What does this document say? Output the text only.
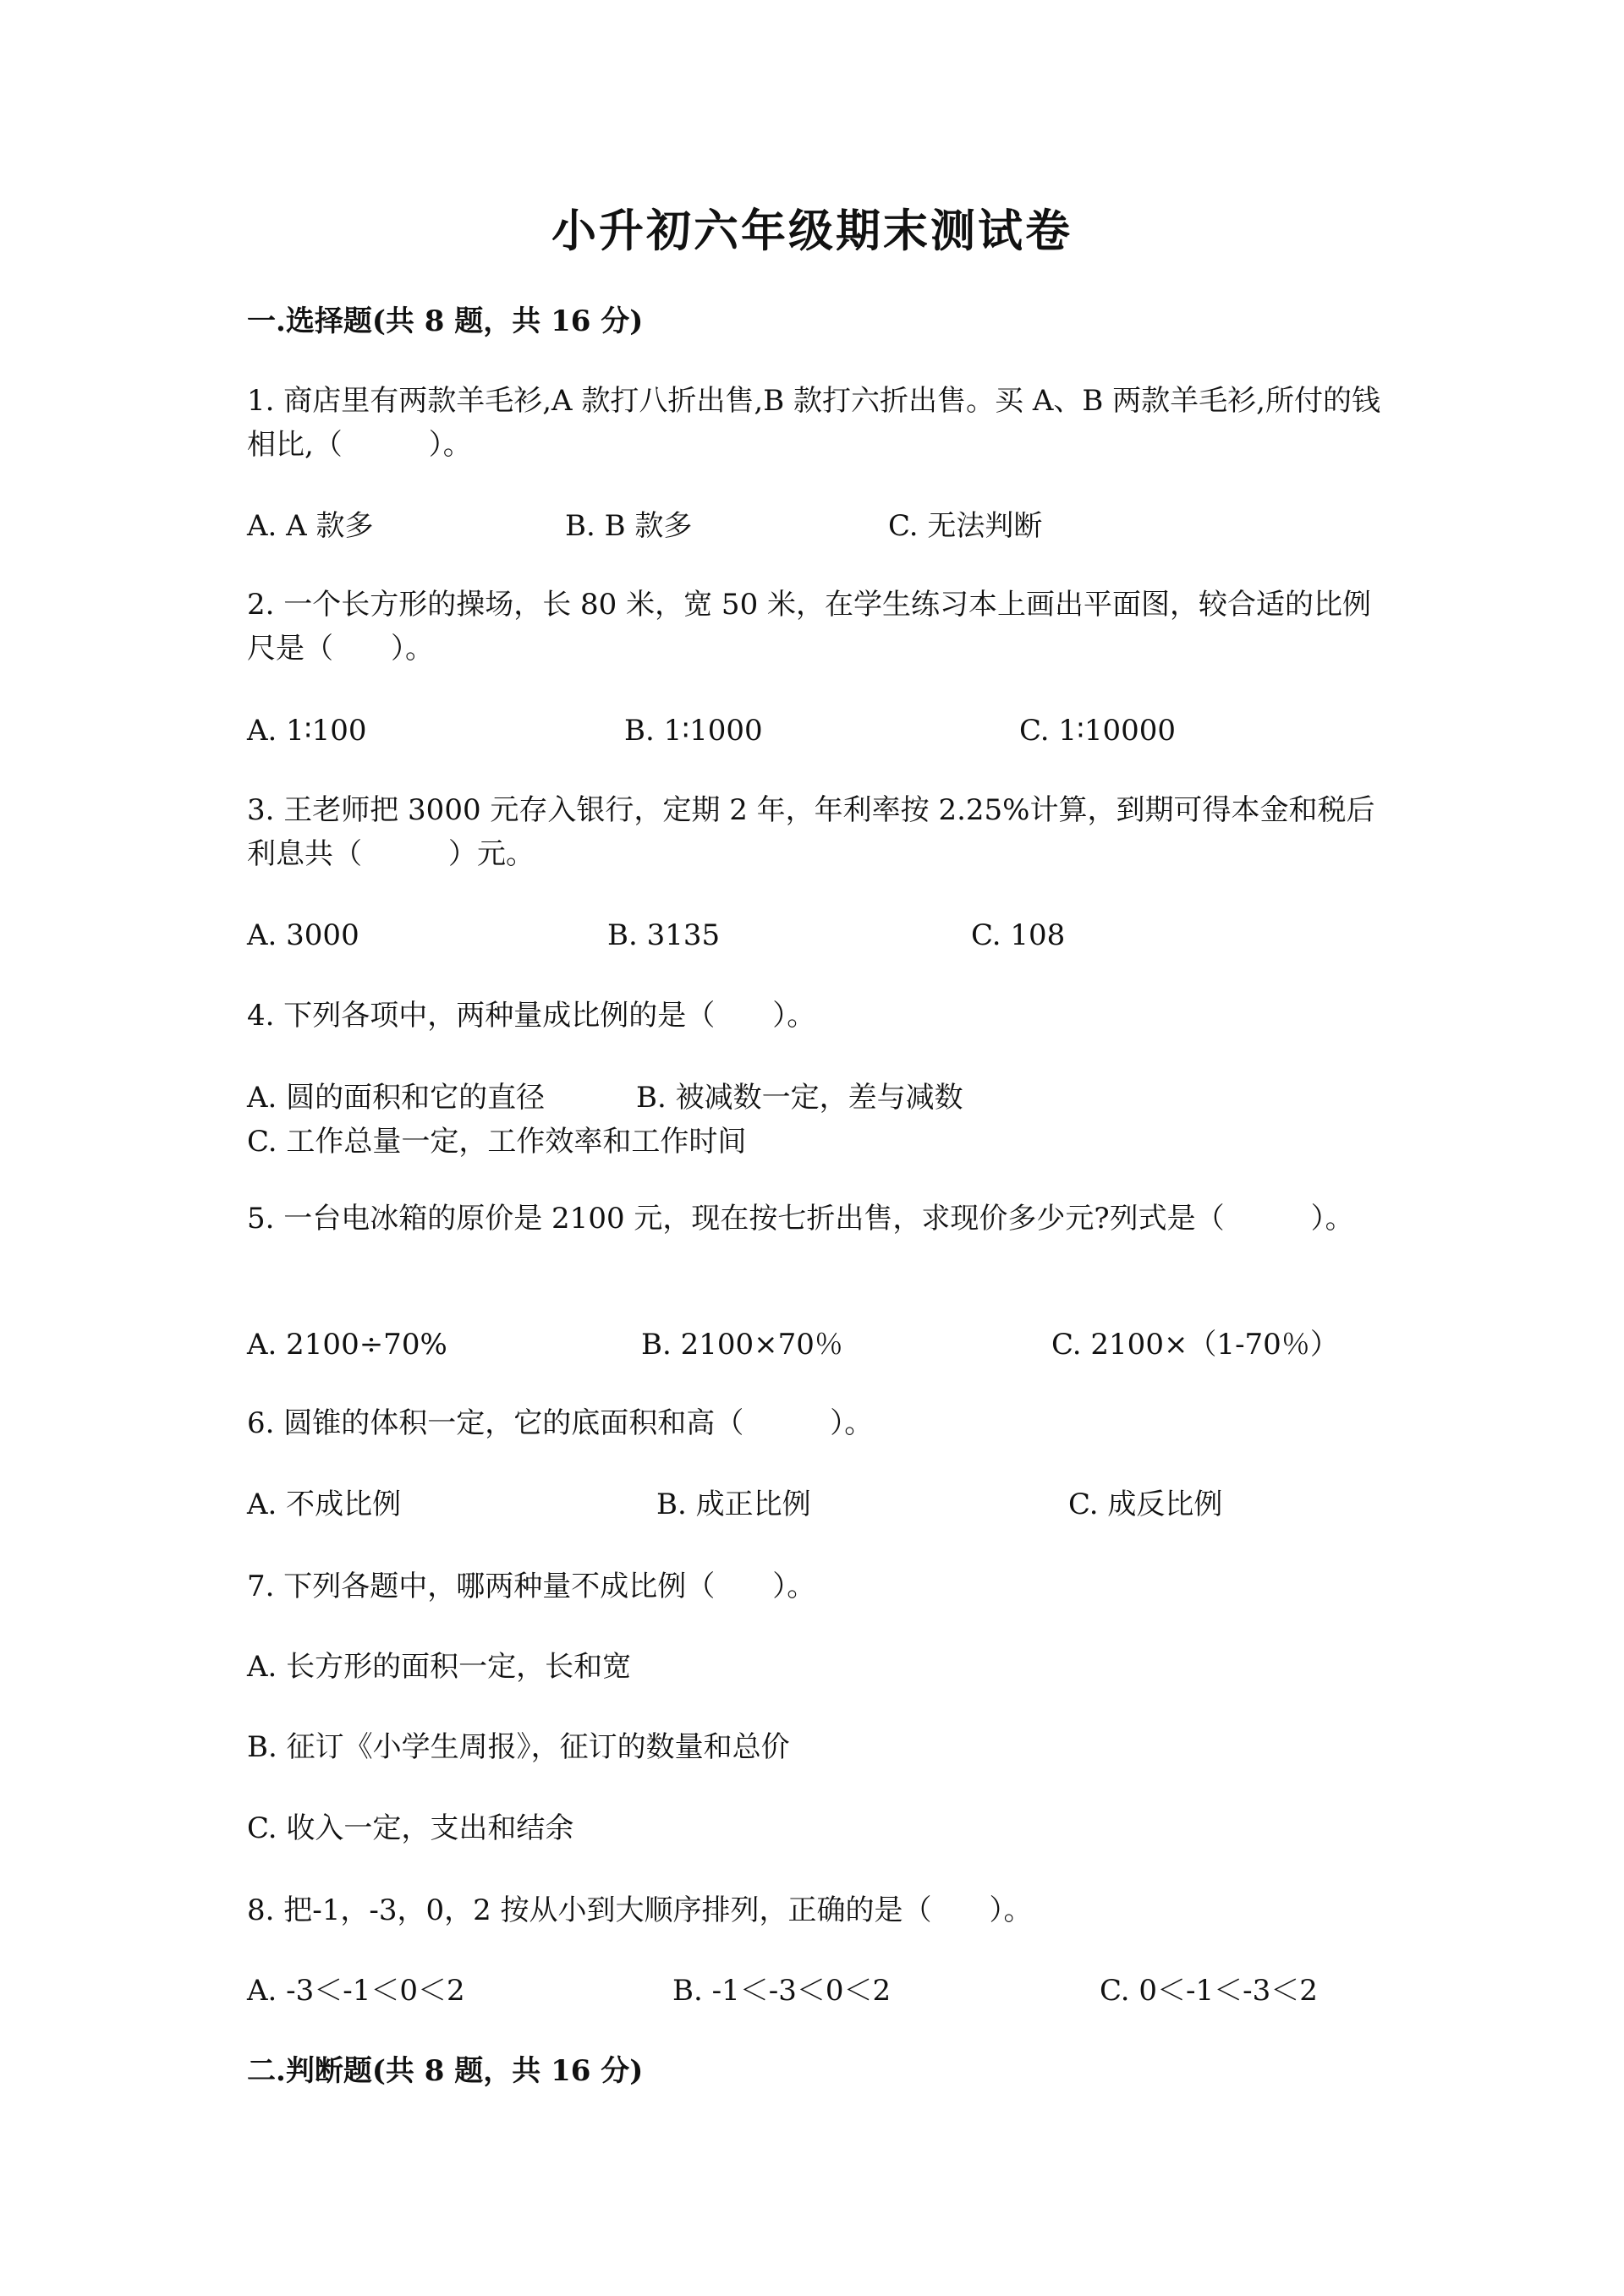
小升初六年级期末测试卷
一.选择题(共 8 题，共 16 分)
1. 商店里有两款羊毛衫,A 款打八折出售,B 款打六折出售。买 A、B 两款羊毛衫,所付的钱相比,（　　　）。
A. A 款多	B. B 款多	C. 无法判断
2. 一个长方形的操场，长 80 米，宽 50 米，在学生练习本上画出平面图，较合适的比例尺是（　　）。
A. 1∶100	B. 1∶1000	C. 1∶10000
3. 王老师把 3000 元存入银行，定期 2 年，年利率按 2.25%计算，到期可得本金和税后利息共（　　　）元。
A. 3000	B. 3135	C. 108
4. 下列各项中，两种量成比例的是（　　）。
A. 圆的面积和它的直径	B. 被减数一定，差与减数C. 工作总量一定，工作效率和工作时间
5. 一台电冰箱的原价是 2100 元，现在按七折出售，求现价多少元?列式是（　　　）。
A. 2100÷70%	B. 2100×70％	C. 2100×（1-70％）
6. 圆锥的体积一定，它的底面积和高（　　　）。
A. 不成比例	B. 成正比例	C. 成反比例
7. 下列各题中，哪两种量不成比例（　　）。
A. 长方形的面积一定，长和宽
B. 征订《小学生周报》，征订的数量和总价
C. 收入一定，支出和结余
8. 把-1，-3，0，2 按从小到大顺序排列，正确的是（　　）。
A. -3＜-1＜0＜2	B. -1＜-3＜0＜2	C. 0＜-1＜-3＜2
二.判断题(共 8 题，共 16 分)
